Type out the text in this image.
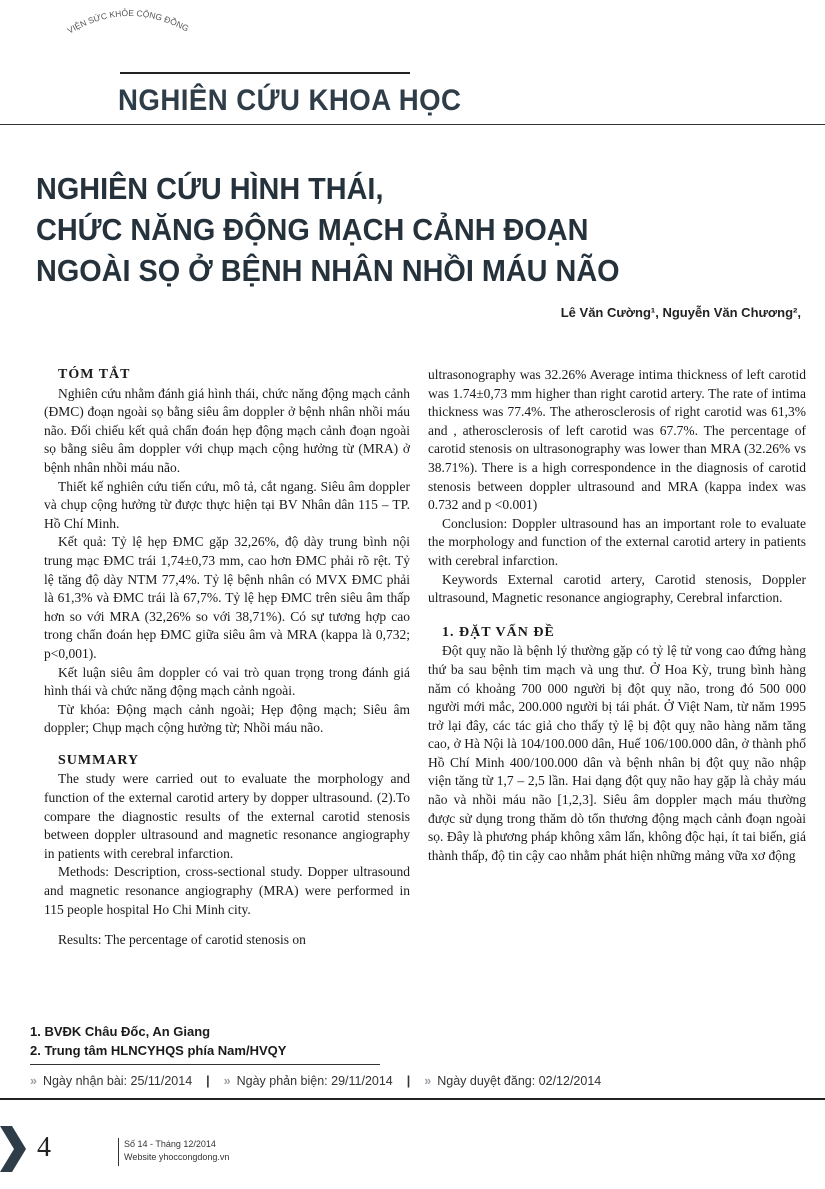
VIỆN SỨC KHỎE CỘNG ĐỒNG
NGHIÊN CỨU KHOA HỌC
NGHIÊN CỨU HÌNH THÁI,
CHỨC NĂNG ĐỘNG MẠCH CẢNH ĐOẠN
NGOÀI SỌ Ở BỆNH NHÂN NHỒI MÁU NÃO
Lê Văn Cường¹, Nguyễn Văn Chương²,
TÓM TẮT

Nghiên cứu nhằm đánh giá hình thái, chức năng động mạch cảnh (ĐMC) đoạn ngoài sọ bằng siêu âm doppler ở bệnh nhân nhồi máu não. Đối chiếu kết quả chẩn đoán hẹp động mạch cảnh đoạn ngoài sọ bằng siêu âm doppler với chụp mạch cộng hưởng từ (MRA) ở bệnh nhân nhồi máu não.

Thiết kế nghiên cứu tiến cứu, mô tả, cắt ngang. Siêu âm doppler và chụp cộng hưởng từ được thực hiện tại BV Nhân dân 115 – TP. Hồ Chí Minh.

Kết quả: Tỷ lệ hẹp ĐMC gặp 32,26%, độ dày trung bình nội trung mạc ĐMC trái 1,74±0,73 mm, cao hơn ĐMC phải rõ rệt. Tỷ lệ tăng độ dày NTM 77,4%. Tỷ lệ bệnh nhân có MVX ĐMC phải là 61,3% và ĐMC trái là 67,7%. Tỷ lệ hẹp ĐMC trên siêu âm thấp hơn so với MRA (32,26% so với 38,71%). Có sự tương hợp cao trong chẩn đoán hẹp ĐMC giữa siêu âm và MRA (kappa là 0,732; p<0,001).

Kết luận siêu âm doppler có vai trò quan trọng trong đánh giá hình thái và chức năng động mạch cảnh ngoài.

Từ khóa: Động mạch cảnh ngoài; Hẹp động mạch; Siêu âm doppler; Chụp mạch cộng hưởng từ; Nhồi máu não.

SUMMARY

The study were carried out to evaluate the morphology and function of the external carotid artery by dopper ultrasound. (2).To compare the diagnostic results of the external carotid stenosis between doppler ultrasound and magnetic resonance angiography in patients with cerebral infarction.

Methods: Description, cross-sectional study. Dopper ultrasound and magnetic resonance angiography (MRA) were performed in 115 people hospital Ho Chi Minh city.

Results: The percentage of carotid stenosis on

ultrasonography was 32.26% Average intima thickness of left carotid was 1.74±0,73 mm higher than right carotid artery. The rate of intima thickness was 77.4%. The atherosclerosis of right carotid was 61,3% and , atherosclerosis of left carotid was 67.7%. The percentage of carotid stenosis on ultrasonography was lower than MRA (32.26% vs 38.71%). There is a high correspondence in the diagnosis of carotid stenosis between doppler ultrasound and MRA (kappa index was 0.732 and p <0.001)

Conclusion: Doppler ultrasound has an important role to evaluate the morphology and function of the external carotid artery in patients with cerebral infarction.

Keywords External carotid artery, Carotid stenosis, Doppler ultrasound, Magnetic resonance angiography, Cerebral infarction.

1. ĐẶT VẤN ĐỀ

Đột quỵ não là bệnh lý thường gặp có tỷ lệ tử vong cao đứng hàng thứ ba sau bệnh tim mạch và ung thư. Ở Hoa Kỳ, trung bình hàng năm có khoảng 700 000 người bị đột quỵ não, trong đó 500 000 người mới mắc, 200.000 người bị tái phát. Ở Việt Nam, từ năm 1995 trở lại đây, các tác giả cho thấy tỷ lệ bị đột quỵ não hàng năm tăng cao, ở Hà Nội là 104/100.000 dân, Huế 106/100.000 dân, ở thành phố Hồ Chí Minh 400/100.000 dân và bệnh nhân bị đột quỵ não nhập viện tăng từ 1,7 – 2,5 lần. Hai dạng đột quỵ não hay gặp là chảy máu não và nhồi máu não [1,2,3]. Siêu âm doppler mạch máu thường được sử dụng trong thăm dò tổn thương động mạch cảnh đoạn ngoài sọ. Đây là phương pháp không xâm lấn, không độc hại, ít tai biến, giá thành thấp, độ tin cậy cao nhằm phát hiện những mảng vữa xơ động

1. BVĐK Châu Đốc, An Giang
2. Trung tâm HLNCYHQS phía Nam/HVQY
» Ngày nhận bài: 25/11/2014 | » Ngày phản biện: 29/11/2014 | » Ngày duyệt đăng: 02/12/2014
4	Số 14 - Tháng 12/2014
Website yhoccongdong.vn
